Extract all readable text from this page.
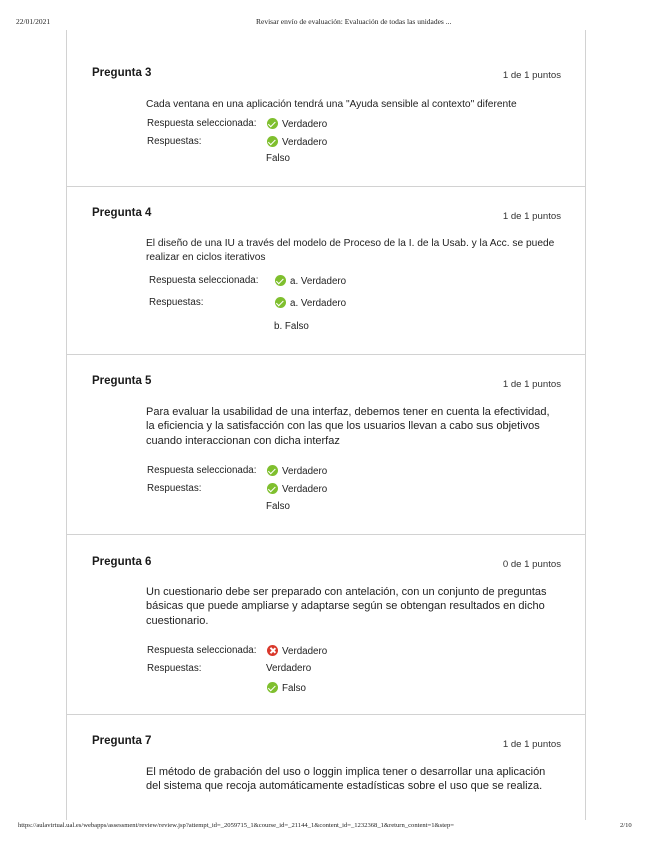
22/01/2021	Revisar envío de evaluación: Evaluación de todas las unidades ...
Pregunta 3	1 de 1 puntos
Cada ventana en una aplicación tendrá una "Ayuda sensible al contexto" diferente
Respuesta seleccionada:	Verdadero
Respuestas:	Verdadero
Falso
Pregunta 4	1 de 1 puntos
El diseño de una IU a través del modelo de Proceso de la I. de la Usab. y la Acc. se puede realizar en ciclos iterativos
Respuesta seleccionada:	a. Verdadero
Respuestas:	a. Verdadero
b. Falso
Pregunta 5	1 de 1 puntos
Para evaluar la usabilidad de una interfaz, debemos tener en cuenta la efectividad, la eficiencia y la satisfacción con las que los usuarios llevan a cabo sus objetivos cuando interaccionan con dicha interfaz
Respuesta seleccionada:	Verdadero
Respuestas:	Verdadero
Falso
Pregunta 6	0 de 1 puntos
Un cuestionario debe ser preparado con antelación, con un conjunto de preguntas básicas que puede ampliarse y adaptarse según se obtengan resultados en dicho cuestionario.
Respuesta seleccionada:	Verdadero
Respuestas:	Verdadero
Falso
Pregunta 7	1 de 1 puntos
El método de grabación del uso o loggin implica tener o desarrollar una aplicación del sistema que recoja automáticamente estadísticas sobre el uso que se realiza.
https://aulavirtual.ual.es/webapps/assessment/review/review.jsp?attempt_id=_2059715_1&course_id=_21144_1&content_id=_1232368_1&return_content=1&step=	2/10
